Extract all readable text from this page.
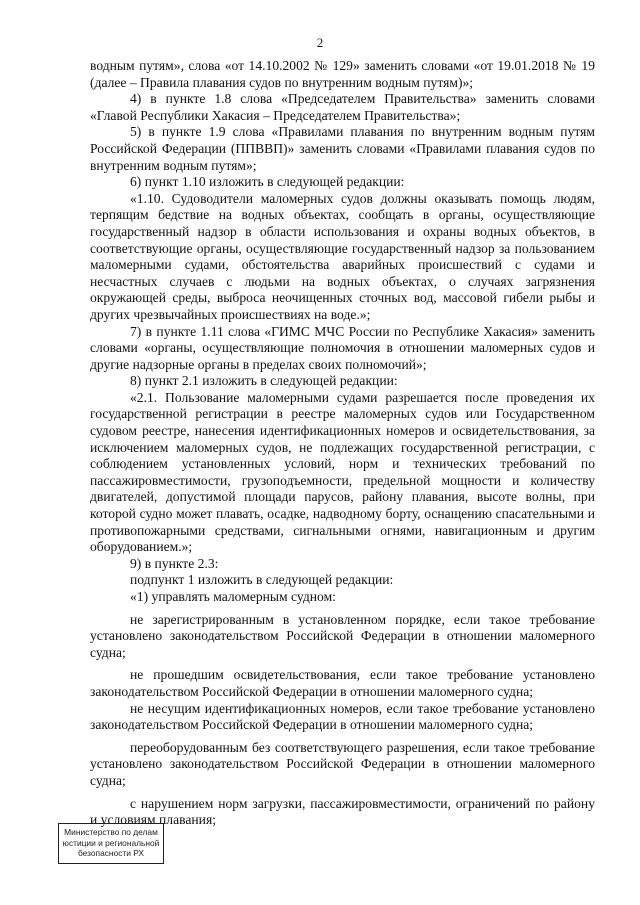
2

водным путям», слова «от 14.10.2002 № 129» заменить словами «от 19.01.2018 № 19 (далее – Правила плавания судов по внутренним водным путям)»;

4) в пункте 1.8 слова «Председателем Правительства» заменить словами «Главой Республики Хакасия – Председателем Правительства»;

5) в пункте 1.9 слова «Правилами плавания по внутренним водным путям Российской Федерации (ППВВП)» заменить словами «Правилами плавания судов по внутренним водным путям»;

6) пункт 1.10 изложить в следующей редакции:

«1.10. Судоводители маломерных судов должны оказывать помощь людям, терпящим бедствие на водных объектах, сообщать в органы, осуществляющие государственный надзор в области использования и охраны водных объектов, в соответствующие органы, осуществляющие государственный надзор за пользованием маломерными судами, обстоятельства аварийных происшествий с судами и несчастных случаев с людьми на водных объектах, о случаях загрязнения окружающей среды, выброса неочищенных сточных вод, массовой гибели рыбы и других чрезвычайных происшествиях на воде.»;

7) в пункте 1.11 слова «ГИМС МЧС России по Республике Хакасия» заменить словами «органы, осуществляющие полномочия в отношении маломерных судов и другие надзорные органы в пределах своих полномочий»;

8) пункт 2.1 изложить в следующей редакции:

«2.1. Пользование маломерными судами разрешается после проведения их государственной регистрации в реестре маломерных судов или Государственном судовом реестре, нанесения идентификационных номеров и освидетельствования, за исключением маломерных судов, не подлежащих государственной регистрации, с соблюдением установленных условий, норм и технических требований по пассажировместимости, грузоподъемности, предельной мощности и количеству двигателей, допустимой площади парусов, району плавания, высоте волны, при которой судно может плавать, осадке, надводному борту, оснащению спасательными и противопожарными средствами, сигнальными огнями, навигационным и другим оборудованием.»;

9) в пункте 2.3:

подпункт 1 изложить в следующей редакции:

«1) управлять маломерным судном:

не зарегистрированным в установленном порядке, если такое требование установлено законодательством Российской Федерации в отношении маломерного судна;

не прошедшим освидетельствования, если такое требование установлено законодательством Российской Федерации в отношении маломерного судна;

не несущим идентификационных номеров, если такое требование установлено законодательством Российской Федерации в отношении маломерного судна;

переоборудованным без соответствующего разрешения, если такое требование установлено законодательством Российской Федерации в отношении маломерного судна;

с нарушением норм загрузки, пассажировместимости, ограничений по району и условиям плавания;

Министерство по делам
юстиции и региональной
безопасности РХ
